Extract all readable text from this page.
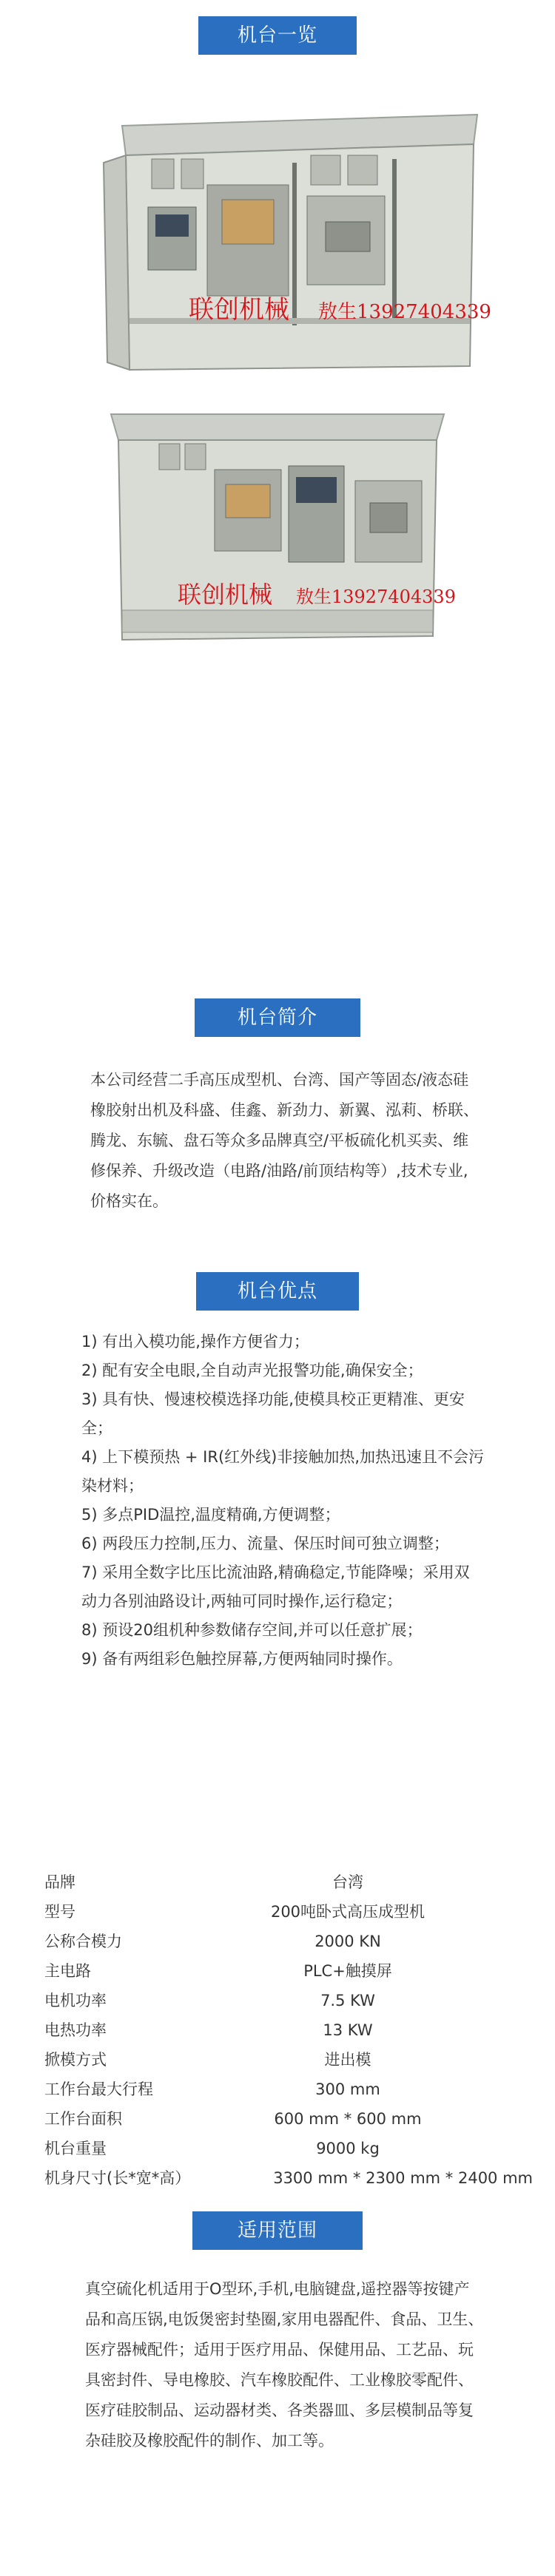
机台一览
联创机械 敖生13927404339
联创机械 敖生13927404339
机台简介

本公司经营二手高压成型机、台湾、国产等固态/液态硅橡胶射出机及科盛、佳鑫、新劲力、新翼、泓莉、桥联、腾龙、东毓、盘石等众多品牌真空/平板硫化机买卖、维修保养、升级改造（电路/油路/前顶结构等）,技术专业,价格实在。

机台优点
1) 有出入模功能,操作方便省力；
2) 配有安全电眼,全自动声光报警功能,确保安全；
3) 具有快、慢速校模选择功能,使模具校正更精准、更安全；
4) 上下模预热 + IR(红外线)非接触加热,加热迅速且不会污染材料；
5) 多点PID温控,温度精确,方便调整；
6) 两段压力控制,压力、流量、保压时间可独立调整；
7) 采用全数字比压比流油路,精确稳定,节能降噪；采用双动力各别油路设计,两轴可同时操作,运行稳定；
8) 预设20组机种参数储存空间,并可以任意扩展；
9) 备有两组彩色触控屏幕,方便两轴同时操作。
品牌	台湾
型号	200吨卧式高压成型机
公称合模力	2000 KN
主电路	PLC+触摸屏
电机功率	7.5 KW
电热功率	13 KW
掀模方式	进出模
工作台最大行程	300 mm
工作台面积	600 mm * 600 mm
机台重量	9000 kg
机身尺寸(长*宽*高）	3300 mm * 2300 mm * 2400 mm
适用范围

真空硫化机适用于O型环,手机,电脑键盘,遥控器等按键产品和高压锅,电饭煲密封垫圈,家用电器配件、食品、卫生、医疗器械配件；适用于医疗用品、保健用品、工艺品、玩具密封件、导电橡胶、汽车橡胶配件、工业橡胶零配件、医疗硅胶制品、运动器材类、各类器皿、多层模制品等复杂硅胶及橡胶配件的制作、加工等。
